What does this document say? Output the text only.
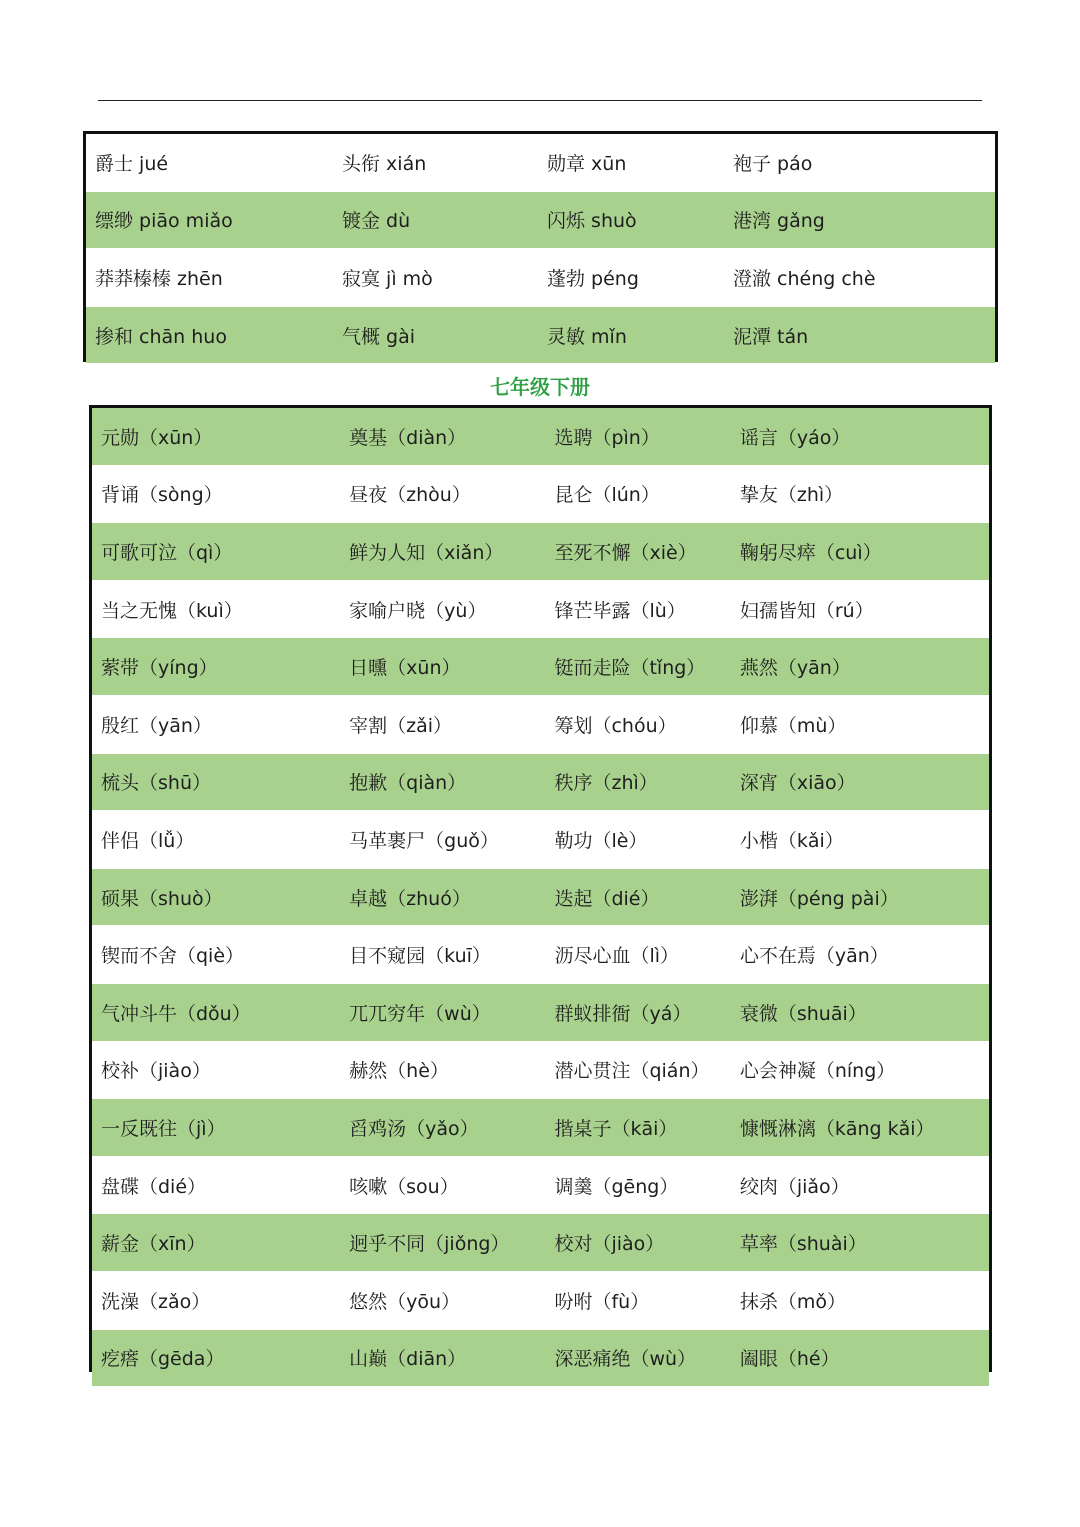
爵士 jué	头衔 xián	勋章 xūn	袍子 páo
缥缈 piāo miǎo	镀金 dù	闪烁 shuò	港湾 gǎng
莽莽榛榛 zhēn	寂寞 jì mò	蓬勃 péng	澄澈 chéng chè
掺和 chān huo	气概 gài	灵敏 mǐn	泥潭 tán
七年级下册
元勋（xūn）	奠基（diàn）	选聘（pìn）	谣言（yáo）
背诵（sòng）	昼夜（zhòu）	昆仑（lún）	挚友（zhì）
可歌可泣（qì）	鲜为人知（xiǎn）	至死不懈（xiè）	鞠躬尽瘁（cuì）
当之无愧（kuì）	家喻户晓（yù）	锋芒毕露（lù）	妇孺皆知（rú）
萦带（yíng）	日曛（xūn）	铤而走险（tǐng）	燕然（yān）
殷红（yān）	宰割（zǎi）	筹划（chóu）	仰慕（mù）
梳头（shū）	抱歉（qiàn）	秩序（zhì）	深宵（xiāo）
伴侣（lǚ）	马革裹尸（guǒ）	勒功（lè）	小楷（kǎi）
硕果（shuò）	卓越（zhuó）	迭起（dié）	澎湃（péng pài）
锲而不舍（qiè）	目不窥园（kuī）	沥尽心血（lì）	心不在焉（yān）
气冲斗牛（dǒu）	兀兀穷年（wù）	群蚁排衙（yá）	衰微（shuāi）
校补（jiào）	赫然（hè）	潜心贯注（qián）	心会神凝（níng）
一反既往（jì）	舀鸡汤（yǎo）	揩桌子（kāi）	慷慨淋漓（kāng kǎi）
盘碟（dié）	咳嗽（sou）	调羹（gēng）	绞肉（jiǎo）
薪金（xīn）	迥乎不同（jiǒng）	校对（jiào）	草率（shuài）
洗澡（zǎo）	悠然（yōu）	吩咐（fù）	抹杀（mǒ）
疙瘩（gēda）	山巅（diān）	深恶痛绝（wù）	阖眼（hé）
